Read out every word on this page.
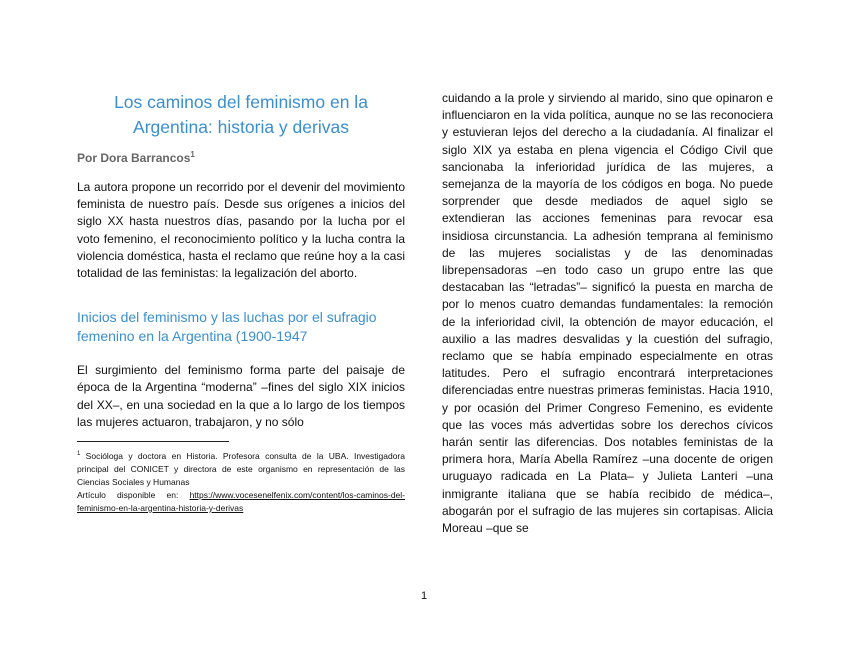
Los caminos del feminismo en la Argentina: historia y derivas
Por Dora Barrancos$^1$

La autora propone un recorrido por el devenir del movimiento feminista de nuestro país. Desde sus orígenes a inicios del siglo XX hasta nuestros días, pasando por la lucha por el voto femenino, el reconocimiento político y la lucha contra la violencia doméstica, hasta el reclamo que reúne hoy a la casi totalidad de las feministas: la legalización del aborto.

Inicios del feminismo y las luchas por el sufragio femenino en la Argentina (1900-1947

El surgimiento del feminismo forma parte del paisaje de época de la Argentina “moderna” –fines del siglo XIX inicios del XX–, en una sociedad en la que a lo largo de los tiempos las mujeres actuaron, trabajaron, y no sólo

$^1$ Socióloga y doctora en Historia. Profesora consulta de la UBA. Investigadora principal del CONICET y directora de este organismo en representación de las Ciencias Sociales y Humanas
Artículo disponible en: https://www.vocesenelfenix.com/content/los-caminos-del-feminismo-en-la-argentina-historia-y-derivas

cuidando a la prole y sirviendo al marido, sino que opinaron e influenciaron en la vida política, aunque no se las reconociera y estuvieran lejos del derecho a la ciudadanía. Al finalizar el siglo XIX ya estaba en plena vigencia el Código Civil que sancionaba la inferioridad jurídica de las mujeres, a semejanza de la mayoría de los códigos en boga. No puede sorprender que desde mediados de aquel siglo se extendieran las acciones femeninas para revocar esa insidiosa circunstancia. La adhesión temprana al feminismo de las mujeres socialistas y de las denominadas librepensadoras –en todo caso un grupo entre las que destacaban las “letradas”– significó la puesta en marcha de por lo menos cuatro demandas fundamentales: la remoción de la inferioridad civil, la obtención de mayor educación, el auxilio a las madres desvalidas y la cuestión del sufragio, reclamo que se había empinado especialmente en otras latitudes. Pero el sufragio encontrará interpretaciones diferenciadas entre nuestras primeras feministas. Hacia 1910, y por ocasión del Primer Congreso Femenino, es evidente que las voces más advertidas sobre los derechos cívicos harán sentir las diferencias. Dos notables feministas de la primera hora, María Abella Ramírez –una docente de origen uruguayo radicada en La Plata– y Julieta Lanteri –una inmigrante italiana que se había recibido de médica–, abogarán por el sufragio de las mujeres sin cortapisas. Alicia Moreau –que se

1
